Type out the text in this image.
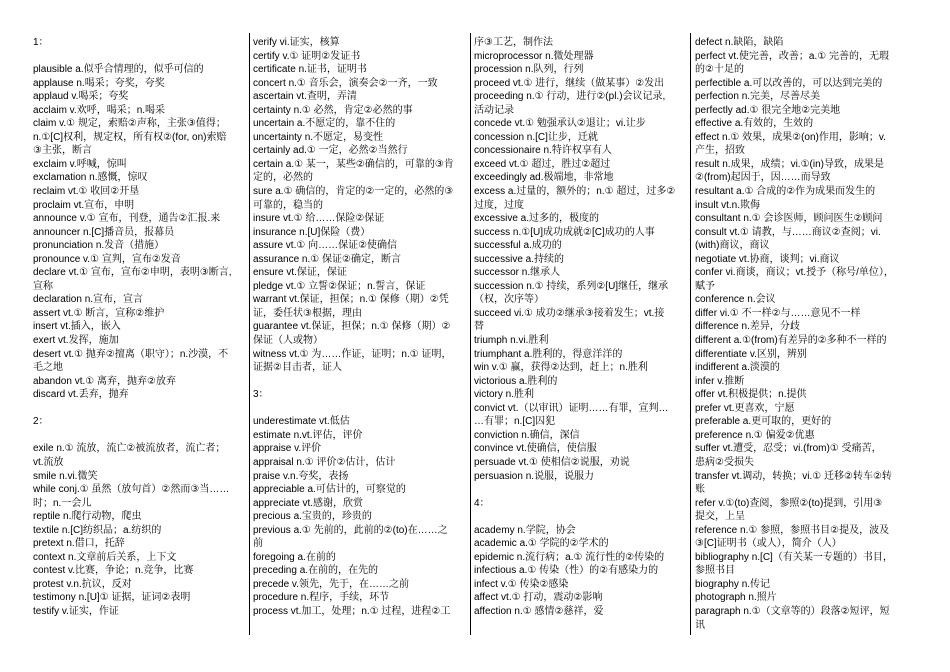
1：
plausible a.似乎合情理的，似乎可信的
applause n.喝采；夸奖，夸奖
applaud v.喝采；夸奖
acclaim v.欢呼，喝采；n.喝采
claim v.① 规定，索赔②声称，主张③值得；
n.①[C]权利，规定权，所有权②(for, on)索赔
③主张，断言
exclaim v.呼喊，惊叫
exclamation n.感慨，惊叹
reclaim vt.① 收回②开垦
proclaim vt.宣布，申明
announce v.① 宣布，刊登，通告②汇报.来
announcer n.[C]播音员，报幕员
pronunciation n.发音（措施）
pronounce v.① 宣判，宣布②发音
declare vt.① 宣布，宣布②申明，表明③断言,
宣称
declaration n.宣布，宣言
assert vt.① 断言，宣称②维护
insert vt.插入，嵌入
exert vt.发挥，施加
desert vt.① 抛弃②擅离（职守）；n.沙漠，不
毛之地
abandon vt.① 离弃，抛弃②放弃
discard vt.丢弃，抛弃
2：
exile n.① 流放，流亡②被流放者，流亡者；
vt.流放
smile n.vi.微笑
while conj.① 虽然（放句首）②然而③当……
时；n.一会儿
reptile n.爬行动物，爬虫
textile n.[C]纺织品；a.纺织的
pretext n.借口，托辞
context n.文章前后关系，上下文
contest v.比赛，争论；n.竞争，比赛
protest v.n.抗议，反对
testimony n.[U]① 证据，证词②表明
testify v.证实，作证
verify vi.证实，核算
certify v.① 证明②发证书
certificate n.证书，证明书
concert n.① 音乐会，演奏会②一齐，一致
ascertain vt.查明，弄清
certainty n.① 必然，肯定②必然的事
uncertain a.不愿定的，靠不住的
uncertainty n.不愿定，易变性
certainly ad.① 一定，必然②当然行
certain a.① 某一，某些②确信的，可靠的③肯
定的，必然的
sure a.① 确信的，肯定的②一定的，必然的③
可靠的，稳当的
insure vt.① 给……保险②保证
insurance n.[U]保险（费）
assure vt.① 向……保证②使确信
assurance n.① 保证②确定，断言
ensure vt.保证，保证
pledge vt.① 立誓②保证；n.誓言，保证
warrant vt.保证，担保；n.① 保修（期）②凭
证，委任状③根据，理由
guarantee vt.保证，担保；n.① 保修（期）②
保证（人或物）
witness vt.① 为……作证，证明；n.① 证明，
证据②目击者，证人
3：
underestimate vt.低估
estimate n.vt.评估，评价
appraise v.评价
appraisal n.① 评价②估计，估计
praise v.n.夸奖，表扬
appreciable a.可估计的，可察觉的
appreciate vt.感谢，欣赏
precious a.宝贵的，珍贵的
previous a.① 先前的，此前的②(to)在……之
前
foregoing a.在前的
preceding a.在前的，在先的
precede v.领先，先于，在……之前
procedure n.程序，手续，环节
process vt.加工，处理；n.① 过程，进程②工
序③工艺，制作法
microprocessor n.微处理器
procession n.队列，行列
proceed vt.① 进行，继续（做某事）②发出
proceeding n.① 行动，进行②(pl.)会议记录,
活动记录
concede vt.① 勉强承认②退让；vi.让步
concession n.[C]让步，迁就
concessionaire n.特许权享有人
exceed vt.① 超过，胜过②超过
exceedingly ad.极端地，非常地
excess a.过量的，额外的；n.① 超过，过多②
过度，过度
excessive a.过多的，极度的
success n.①[U]成功成就②[C]成功的人事
successful a.成功的
successive a.持续的
successor n.继承人
succession n.① 持续，系列②[U]继任，继承
（权，次序等）
succeed vi.① 成功②继承③接着发生；vt.接
替
triumph n.vi.胜利
triumphant a.胜利的，得意洋洋的
win v.① 赢，获得②达到，赶上；n.胜利
victorious a.胜利的
victory n.胜利
convict vt.（以审讯）证明……有罪，宣判…
…有罪；n.[C]囚犯
conviction n.确信，深信
convince vt.使确信，使信服
persuade vt.① 使相信②说服，劝说
persuasion n.说服，说服力
4：
academy n.学院，协会
academic a.① 学院的②学术的
epidemic n.流行病；a.① 流行性的②传染的
infectious a.① 传染（性）的②有感染力的
infect v.① 传染②感染
affect vt.① 打动，震动②影响
affection n.① 感情②慈祥，爱
defect n.缺陷，缺陷
perfect vt.使完善，改善；a.① 完善的，无瑕
的②十足的
perfectible a.可以改善的，可以达到完美的
perfection n.完美，尽善尽美
perfectly ad.① 很完全地②完美地
effective a.有效的，生效的
effect n.① 效果，成果②(on)作用，影响；v.
产生，招致
result n.成果，成绩；vi.①(in)导致，成果是
②(from)起因于，因……而导致
resultant a.① 合成的②作为成果而发生的
insult vt.n.欺侮
consultant n.① 会诊医师，顾问医生②顾问
consult vt.① 请教，与……商议②查阅；vi.
(with)商议，商议
negotiate vt.协商，谈判；vi.商议
confer vi.商谈，商议；vt.授予（称号/单位），
赋予
conference n.会议
differ vi.① 不一样②与……意见不一样
difference n.差异，分歧
different a.①(from)有差异的②多种不一样的
differentiate v.区别，辨别
indifferent a.淡漠的
infer v.推断
offer vt.积极提供；n.提供
prefer vt.更喜欢，宁愿
preferable a.更可取的，更好的
preference n.① 偏爱②优惠
suffer vt.遭受，忍受；vi.(from)① 受痛苦，
患病②受损失
transfer vt.调动，转换；vi.① 迁移②转车②转
账
refer v.①(to)查阅，参照②(to)提到，引用③
提交，上呈
reference n.① 参照，参照书目②提及，波及
③[C]证明书（或人），简介（人）
bibliography n.[C]（有关某一专题的）书目，
参照书目
biography n.传记
photograph n.照片
paragraph n.①（文章等的）段落②短评，短
讯
